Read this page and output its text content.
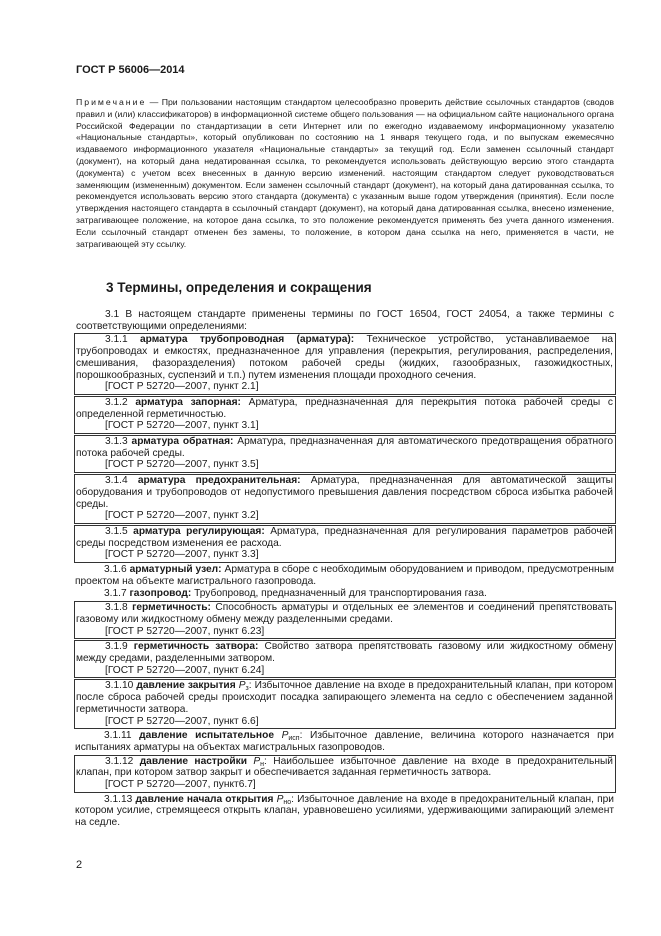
ГОСТ Р 56006—2014

Примечание — При пользовании настоящим стандартом целесообразно проверить действие ссылочных стандартов (сводов правил и (или) классификаторов) в информационной системе общего пользования — на официальном сайте национального органа Российской Федерации по стандартизации в сети Интернет или по ежегодно издаваемому информационному указателю «Национальные стандарты», который опубликован по состоянию на 1 января текущего года, и по выпускам ежемесячно издаваемого информационного указателя «Национальные стандарты» за текущий год. Если заменен ссылочный стандарт (документ), на который дана недатированная ссылка, то рекомендуется использовать действующую версию этого стандарта (документа) с учетом всех внесенных в данную версию изменений. настоящим стандартом следует руководствоваться заменяющим (измененным) документом. Если заменен ссылочный стандарт (документ), на который дана датированная ссылка, то рекомендуется использовать версию этого стандарта (документа) с указанным выше годом утверждения (принятия). Если после утверждения настоящего стандарта в ссылочный стандарт (документ), на который дана датированная ссылка, внесено изменение, затрагивающее положение, на которое дана ссылка, то это положение рекомендуется применять без учета данного изменения. Если ссылочный стандарт отменен без замены, то положение, в котором дана ссылка на него, применяется в части, не затрагивающей эту ссылку.

3 Термины, определения и сокращения

3.1 В настоящем стандарте применены термины по ГОСТ 16504, ГОСТ 24054, а также термины с соответствующими определениями:

3.1.1 арматура трубопроводная (арматура): Техническое устройство, устанавливаемое на трубопроводах и емкостях, предназначенное для управления (перекрытия, регулирования, распределения, смешивания, фазоразделения) потоком рабочей среды (жидких, газообразных, газожидкостных, порошкообразных, суспензий и т.п.) путем изменения площади проходного сечения.

[ГОСТ Р 52720—2007, пункт 2.1]

3.1.2 арматура запорная: Арматура, предназначенная для перекрытия потока рабочей среды с определенной герметичностью.

[ГОСТ Р 52720—2007, пункт 3.1]

3.1.3 арматура обратная: Арматура, предназначенная для автоматического предотвращения обратного потока рабочей среды.

[ГОСТ Р 52720—2007, пункт 3.5]

3.1.4 арматура предохранительная: Арматура, предназначенная для автоматической защиты оборудования и трубопроводов от недопустимого превышения давления посредством сброса избытка рабочей среды.

[ГОСТ Р 52720—2007, пункт 3.2]

3.1.5 арматура регулирующая: Арматура, предназначенная для регулирования параметров рабочей среды посредством изменения ее расхода.

[ГОСТ Р 52720—2007, пункт 3.3]

3.1.6 арматурный узел: Арматура в сборе с необходимым оборудованием и приводом, предусмотренным проектом на объекте магистрального газопровода.

3.1.7 газопровод: Трубопровод, предназначенный для транспортирования газа.

3.1.8 герметичность: Способность арматуры и отдельных ее элементов и соединений препятствовать газовому или жидкостному обмену между разделенными средами.

[ГОСТ Р 52720—2007, пункт 6.23]

3.1.9 герметичность затвора: Свойство затвора препятствовать газовому или жидкостному обмену между средами, разделенными затвором.

[ГОСТ Р 52720—2007, пункт 6.24]

3.1.10 давление закрытия $P_з$: Избыточное давление на входе в предохранительный клапан, при котором после сброса рабочей среды происходит посадка запирающего элемента на седло с обеспечением заданной герметичности затвора.

[ГОСТ Р 52720—2007, пункт 6.6]

3.1.11 давление испытательное $P_{исп}$: Избыточное давление, величина которого назначается при испытаниях арматуры на объектах магистральных газопроводов.

3.1.12 давление настройки $P_н$: Наибольшее избыточное давление на входе в предохранительный клапан, при котором затвор закрыт и обеспечивается заданная герметичность затвора.

[ГОСТ Р 52720—2007, пункт6.7]

3.1.13 давление начала открытия $P_{но}$: Избыточное давление на входе в предохранительный клапан, при котором усилие, стремящееся открыть клапан, уравновешено усилиями, удерживающими запирающий элемент на седле.

2
